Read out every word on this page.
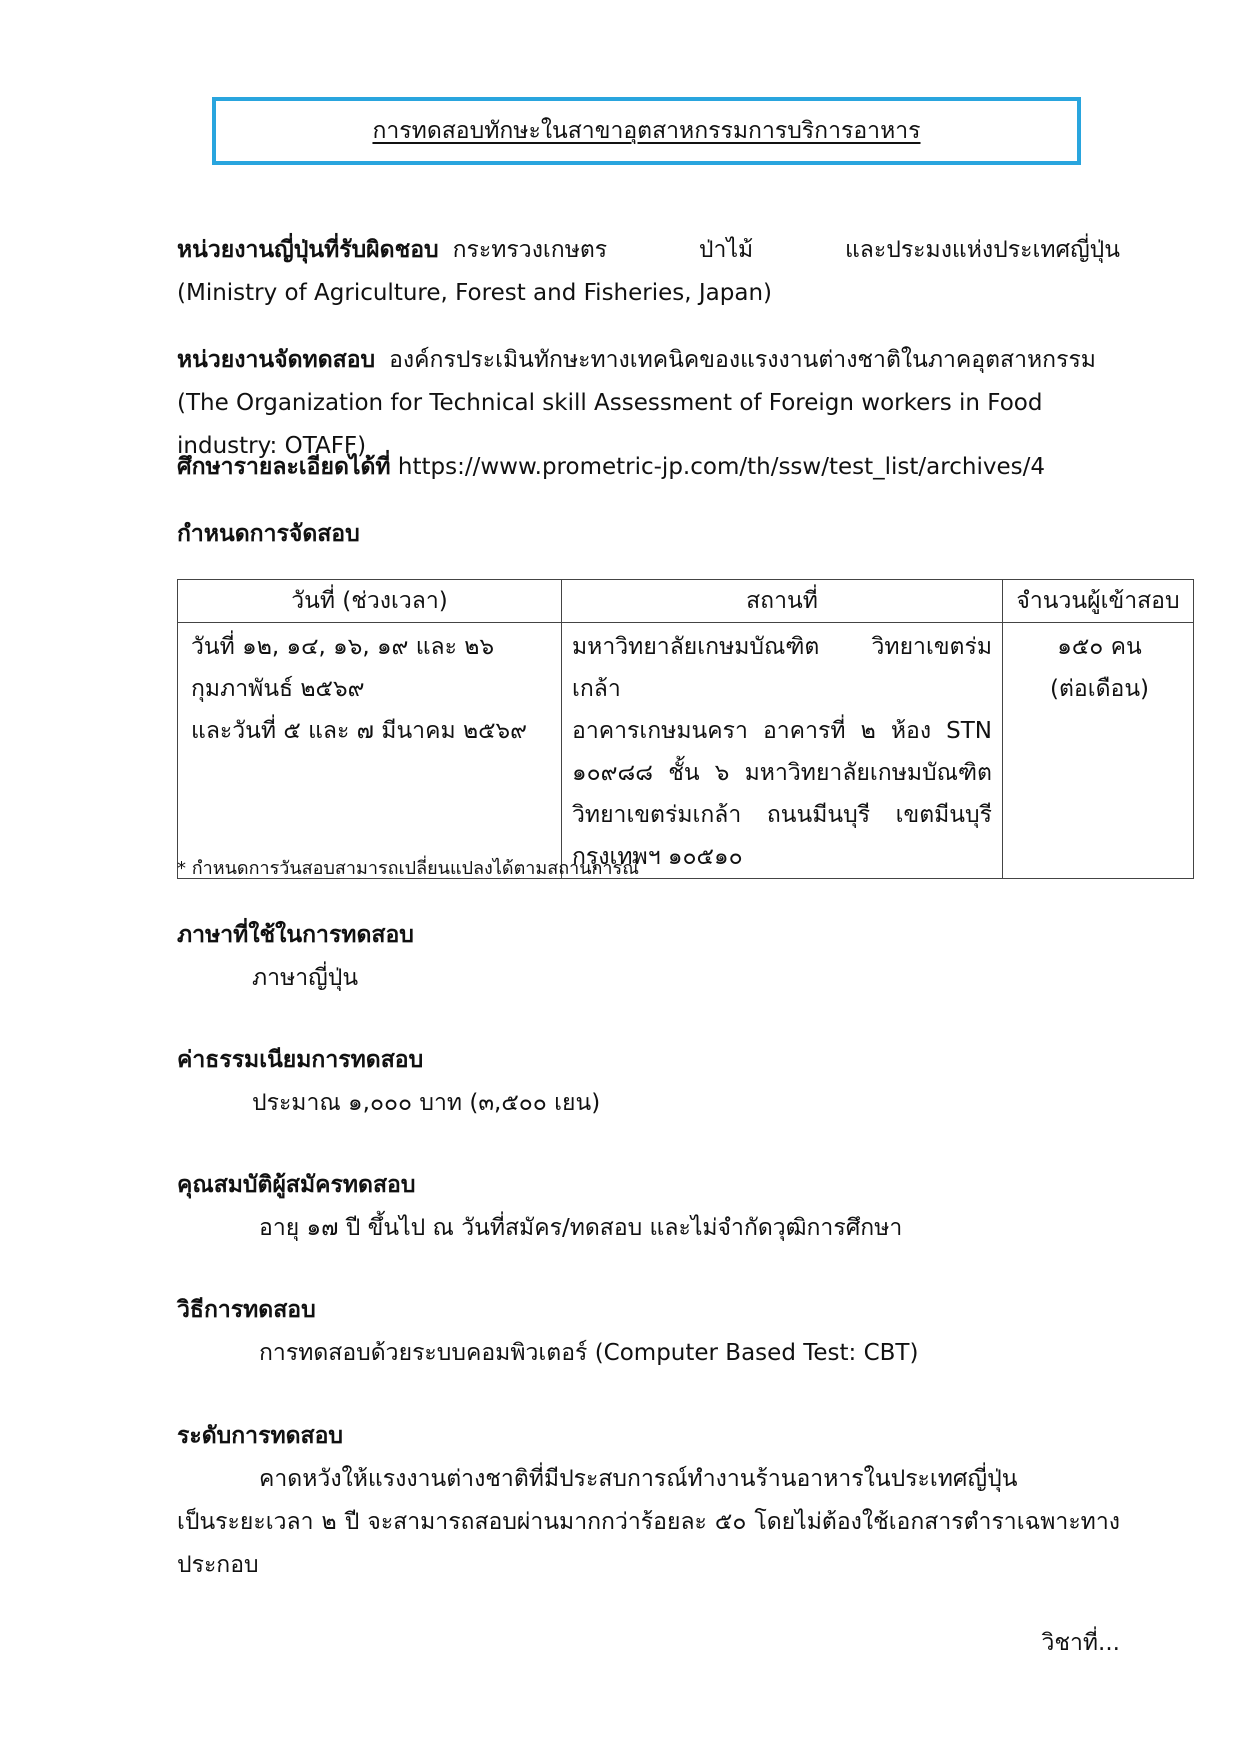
การทดสอบทักษะในสาขาอุตสาหกรรมการบริการอาหาร
หน่วยงานญี่ปุ่นที่รับผิดชอบ กระทรวงเกษตร ป่าไม้ และประมงแห่งประเทศญี่ปุ่น
(Ministry of Agriculture, Forest and Fisheries, Japan)
หน่วยงานจัดทดสอบ องค์กรประเมินทักษะทางเทคนิคของแรงงานต่างชาติในภาคอุตสาหกรรม
(The Organization for Technical skill Assessment of Foreign workers in Food industry: OTAFF)
ศึกษารายละเอียดได้ที่ https://www.prometric-jp.com/th/ssw/test_list/archives/4
กำหนดการจัดสอบ
วันที่ (ช่วงเวลา)	สถานที่	จำนวนผู้เข้าสอบ

วันที่ ๑๒, ๑๔, ๑๖, ๑๙ และ ๒๖
กุมภาพันธ์ ๒๕๖๙
และวันที่ ๕ และ ๗ มีนาคม ๒๕๖๙	มหาวิทยาลัยเกษมบัณฑิต วิทยาเขตร่มเกล้า
อาคารเกษมนครา อาคารที่ ๒ ห้อง STN
๑๐๙๘๘ ชั้น ๖ มหาวิทยาลัยเกษมบัณฑิต
วิทยาเขตร่มเกล้า ถนนมีนบุรี เขตมีนบุรี
กรุงเทพฯ ๑๐๕๑๐	๑๕๐ คน
(ต่อเดือน)
* กำหนดการวันสอบสามารถเปลี่ยนแปลงได้ตามสถานการณ์
ภาษาที่ใช้ในการทดสอบ
ภาษาญี่ปุ่น
ค่าธรรมเนียมการทดสอบ
ประมาณ ๑,๐๐๐ บาท (๓,๕๐๐ เยน)
คุณสมบัติผู้สมัครทดสอบ
อายุ ๑๗ ปี ขึ้นไป ณ วันที่สมัคร/ทดสอบ และไม่จำกัดวุฒิการศึกษา
วิธีการทดสอบ
การทดสอบด้วยระบบคอมพิวเตอร์ (Computer Based Test: CBT)
ระดับการทดสอบ
คาดหวังให้แรงงานต่างชาติที่มีประสบการณ์ทำงานร้านอาหารในประเทศญี่ปุ่น
เป็นระยะเวลา ๒ ปี จะสามารถสอบผ่านมากกว่าร้อยละ ๕๐ โดยไม่ต้องใช้เอกสารตำราเฉพาะทางประกอบ
วิชาที่...
